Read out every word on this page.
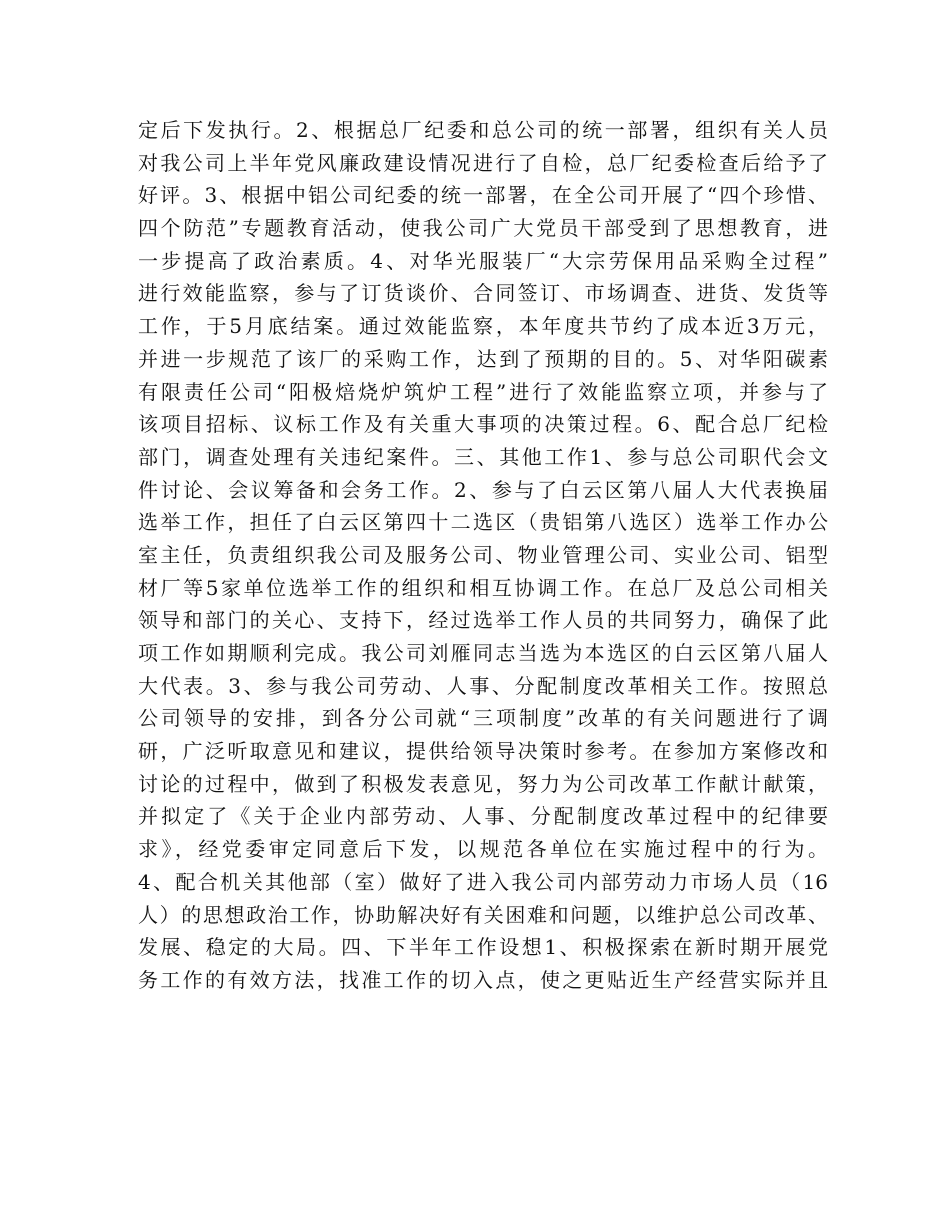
定后下发执行。2、根据总厂纪委和总公司的统一部署，组织有关人员
对我公司上半年党风廉政建设情况进行了自检，总厂纪委检查后给予了
好评。3、根据中铝公司纪委的统一部署，在全公司开展了“四个珍惜、
四个防范”专题教育活动，使我公司广大党员干部受到了思想教育，进
一步提高了政治素质。4、对华光服装厂“大宗劳保用品采购全过程”
进行效能监察，参与了订货谈价、合同签订、市场调查、进货、发货等
工作，于5月底结案。通过效能监察，本年度共节约了成本近3万元，
并进一步规范了该厂的采购工作，达到了预期的目的。5、对华阳碳素
有限责任公司“阳极焙烧炉筑炉工程”进行了效能监察立项，并参与了
该项目招标、议标工作及有关重大事项的决策过程。6、配合总厂纪检
部门，调查处理有关违纪案件。三、其他工作1、参与总公司职代会文
件讨论、会议筹备和会务工作。2、参与了白云区第八届人大代表换届
选举工作，担任了白云区第四十二选区（贵铝第八选区）选举工作办公
室主任，负责组织我公司及服务公司、物业管理公司、实业公司、铝型
材厂等5家单位选举工作的组织和相互协调工作。在总厂及总公司相关
领导和部门的关心、支持下，经过选举工作人员的共同努力，确保了此
项工作如期顺利完成。我公司刘雁同志当选为本选区的白云区第八届人
大代表。3、参与我公司劳动、人事、分配制度改革相关工作。按照总
公司领导的安排，到各分公司就“三项制度”改革的有关问题进行了调
研，广泛听取意见和建议，提供给领导决策时参考。在参加方案修改和
讨论的过程中，做到了积极发表意见，努力为公司改革工作献计献策，
并拟定了《关于企业内部劳动、人事、分配制度改革过程中的纪律要
求》，经党委审定同意后下发，以规范各单位在实施过程中的行为。
4、配合机关其他部（室）做好了进入我公司内部劳动力市场人员（16
人）的思想政治工作，协助解决好有关困难和问题，以维护总公司改革、
发展、稳定的大局。四、下半年工作设想1、积极探索在新时期开展党
务工作的有效方法，找准工作的切入点，使之更贴近生产经营实际并且
